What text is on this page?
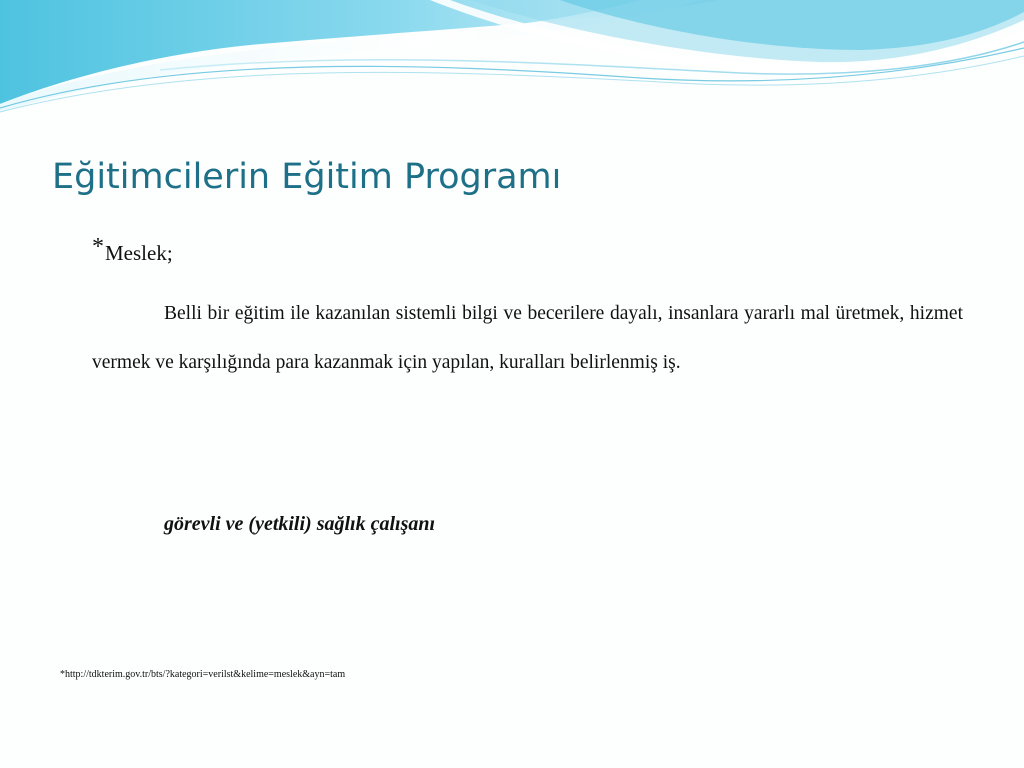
Eğitimcilerin Eğitim Programı

*Meslek;

Belli bir eğitim ile kazanılan sistemli bilgi ve becerilere dayalı, insanlara yararlı mal üretmek, hizmet vermek ve karşılığında para kazanmak için yapılan, kuralları belirlenmiş iş.

görevli ve (yetkili) sağlık çalışanı

*http://tdkterim.gov.tr/bts/?kategori=verilst&kelime=meslek&ayn=tam
